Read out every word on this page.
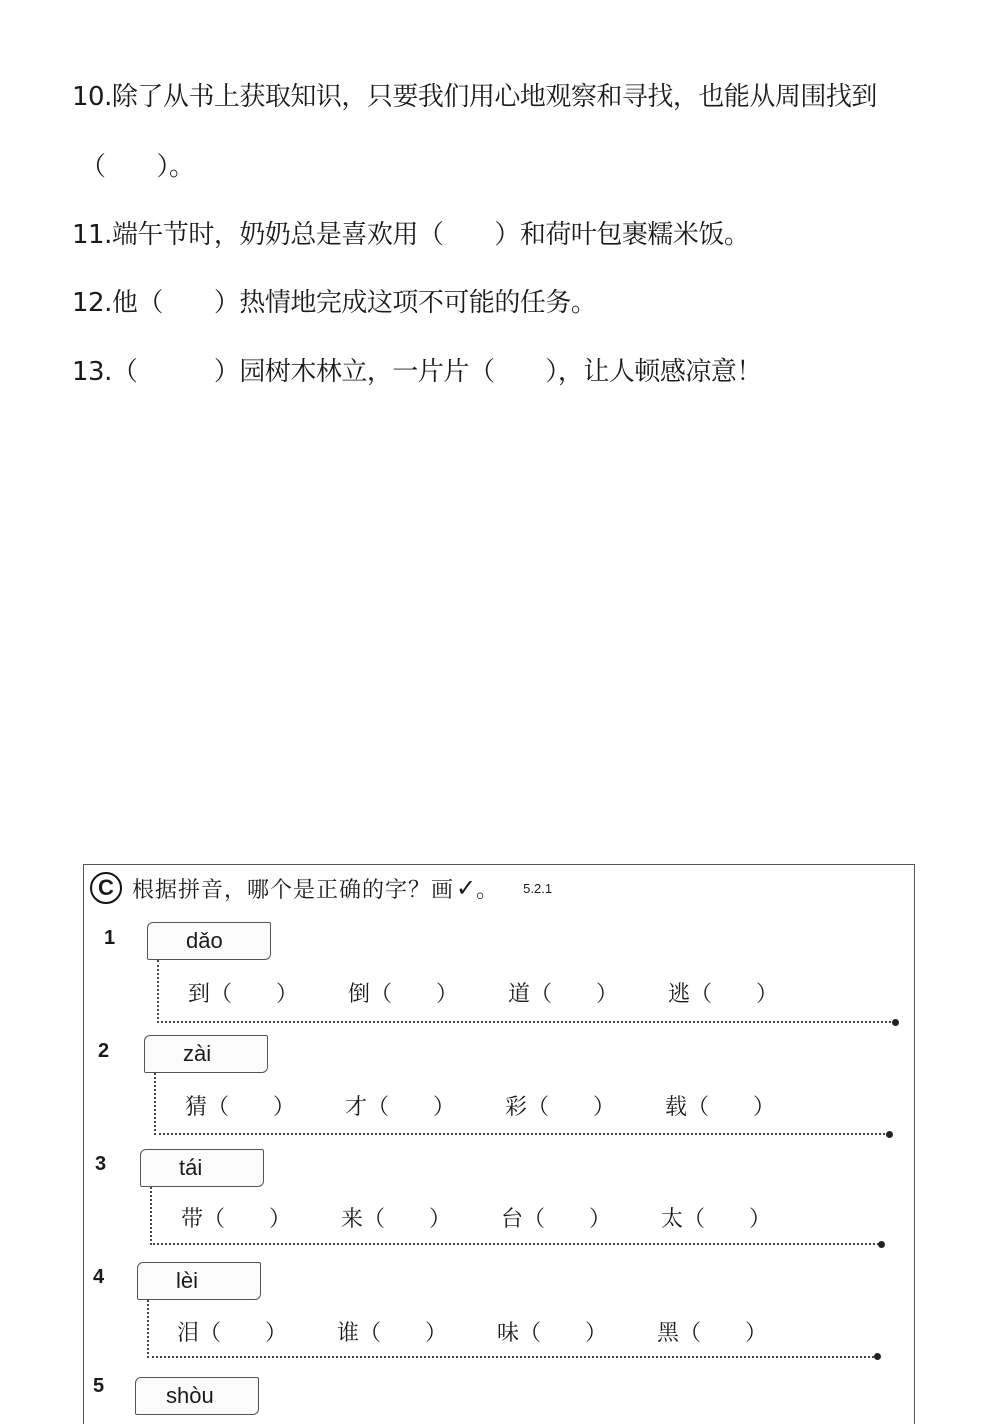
10.除了从书上获取知识，只要我们用心地观察和寻找，也能从周围找到
（　　）。
11.端午节时，奶奶总是喜欢用（　　）和荷叶包裹糯米饭。
12.他（　　）热情地完成这项不可能的任务。
13.（　　　）园树木林立，一片片（　　），让人顿感凉意！
C 根据拼音，哪个是正确的字？画 ✓ 。 5.2.1
1	dǎo
到（　　）	倒（　　）	道（　　）	逃（　　）
2	zài
猜（　　）	才（　　）	彩（　　）	载（　　）
3	tái
带（　　）	来（　　）	台（　　）	太（　　）
4	lèi
泪（　　）	谁（　　）	味（　　）	黑（　　）
5	shòu
